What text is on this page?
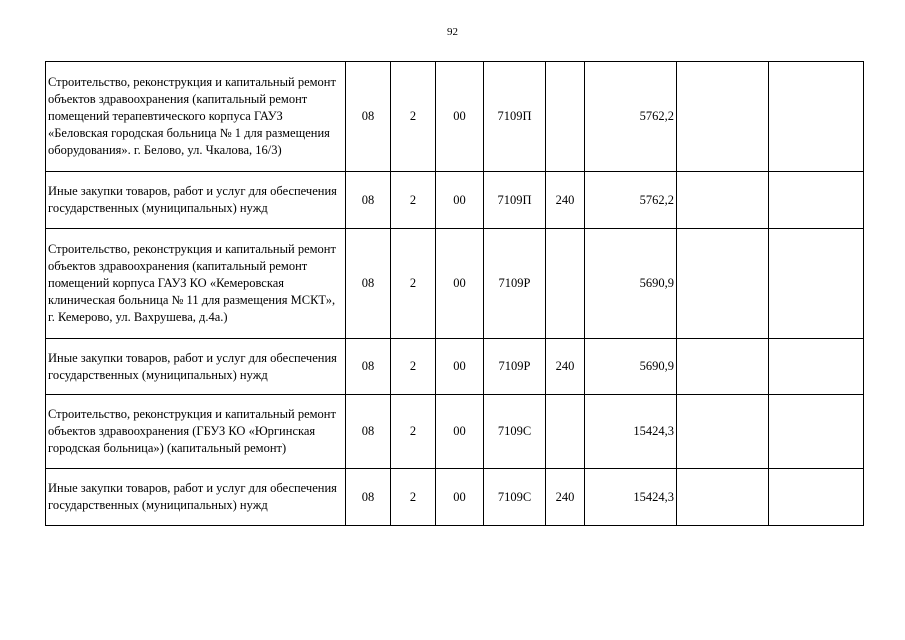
92
Строительство, реконструкция и капитальный ремонт объектов здравоохранения (капитальный ремонт помещений терапевтического корпуса ГАУЗ «Беловская городская больница № 1 для размещения оборудования». г. Белово, ул. Чкалова, 16/3)	08	2	00	7109П		5762,2		
Иные закупки товаров, работ и услуг для обеспечения государственных (муниципальных) нужд	08	2	00	7109П	240	5762,2		
Строительство, реконструкция и капитальный ремонт объектов здравоохранения (капитальный ремонт помещений корпуса ГАУЗ КО «Кемеровская клиническая больница № 11 для размещения МСКТ», г. Кемерово, ул. Вахрушева, д.4а.)	08	2	00	7109Р		5690,9		
Иные закупки товаров, работ и услуг для обеспечения государственных (муниципальных) нужд	08	2	00	7109Р	240	5690,9		
Строительство, реконструкция и капитальный ремонт объектов здравоохранения (ГБУЗ КО «Юргинская городская больница») (капитальный ремонт)	08	2	00	7109С		15424,3		
Иные закупки товаров, работ и услуг для обеспечения государственных (муниципальных) нужд	08	2	00	7109С	240	15424,3		
